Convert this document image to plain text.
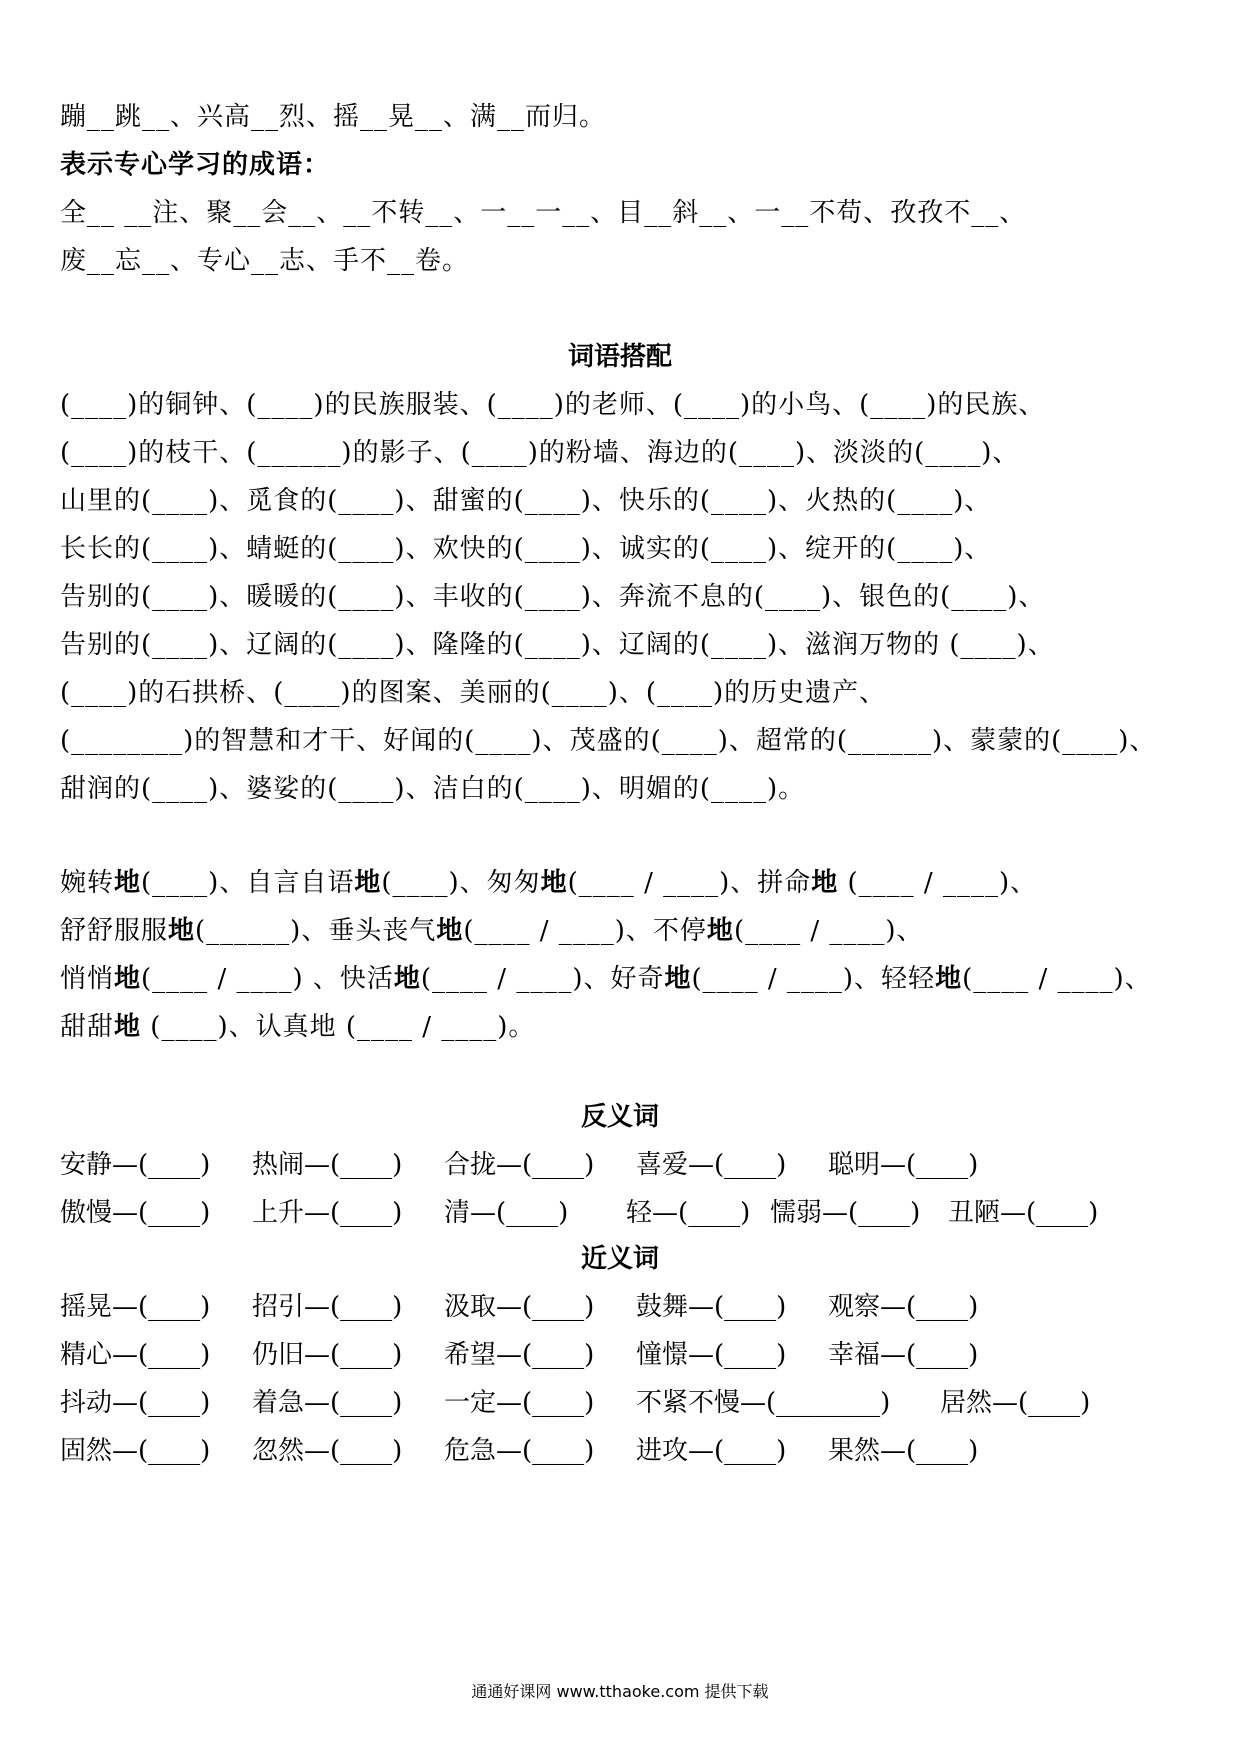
蹦__跳__、兴高__烈、摇__晃__、满__而归。
表示专心学习的成语：
全__ __注、聚__会__、__不转__、一__一__、目__斜__、一__不苟、孜孜不__、
废__忘__、专心__志、手不__卷。
词语搭配
(____)的铜钟、(____)的民族服装、(____)的老师、(____)的小鸟、(____)的民族、
(____)的枝干、(______)的影子、(____)的粉墙、海边的(____)、淡淡的(____)、
山里的(____)、觅食的(____)、甜蜜的(____)、快乐的(____)、火热的(____)、
长长的(____)、蜻蜓的(____)、欢快的(____)、诚实的(____)、绽开的(____)、
告别的(____)、暖暖的(____)、丰收的(____)、奔流不息的(____)、银色的(____)、
告别的(____)、辽阔的(____)、隆隆的(____)、辽阔的(____)、滋润万物的 (____)、
(____)的石拱桥、(____)的图案、美丽的(____)、(____)的历史遗产、
(________)的智慧和才干、好闻的(____)、茂盛的(____)、超常的(______)、蒙蒙的(____)、
甜润的(____)、婆娑的(____)、洁白的(____)、明媚的(____)。
婉转地(____)、自言自语地(____)、匆匆地(____ / ____)、拼命地 (____ / ____)、
舒舒服服地(______)、垂头丧气地(____ / ____)、不停地(____ / ____)、
悄悄地(____ / ____) 、快活地(____ / ____)、好奇地(____ / ____)、轻轻地(____ / ____)、
甜甜地 (____)、认真地 (____ / ____)。
反义词
安静—(____) 热闹—(____) 合拢—(____) 喜爱—(____) 聪明—(____)
傲慢—(____) 上升—(____) 清—(____) 轻—(____) 懦弱—(____) 丑陋—(____)
近义词
摇晃—(____) 招引—(____) 汲取—(____) 鼓舞—(____) 观察—(____)
精心—(____) 仍旧—(____) 希望—(____) 憧憬—(____) 幸福—(____)
抖动—(____) 着急—(____) 一定—(____) 不紧不慢—(________) 居然—(____)
固然—(____) 忽然—(____) 危急—(____) 进攻—(____) 果然—(____)
通通好课网 www.tthaoke.com 提供下载
